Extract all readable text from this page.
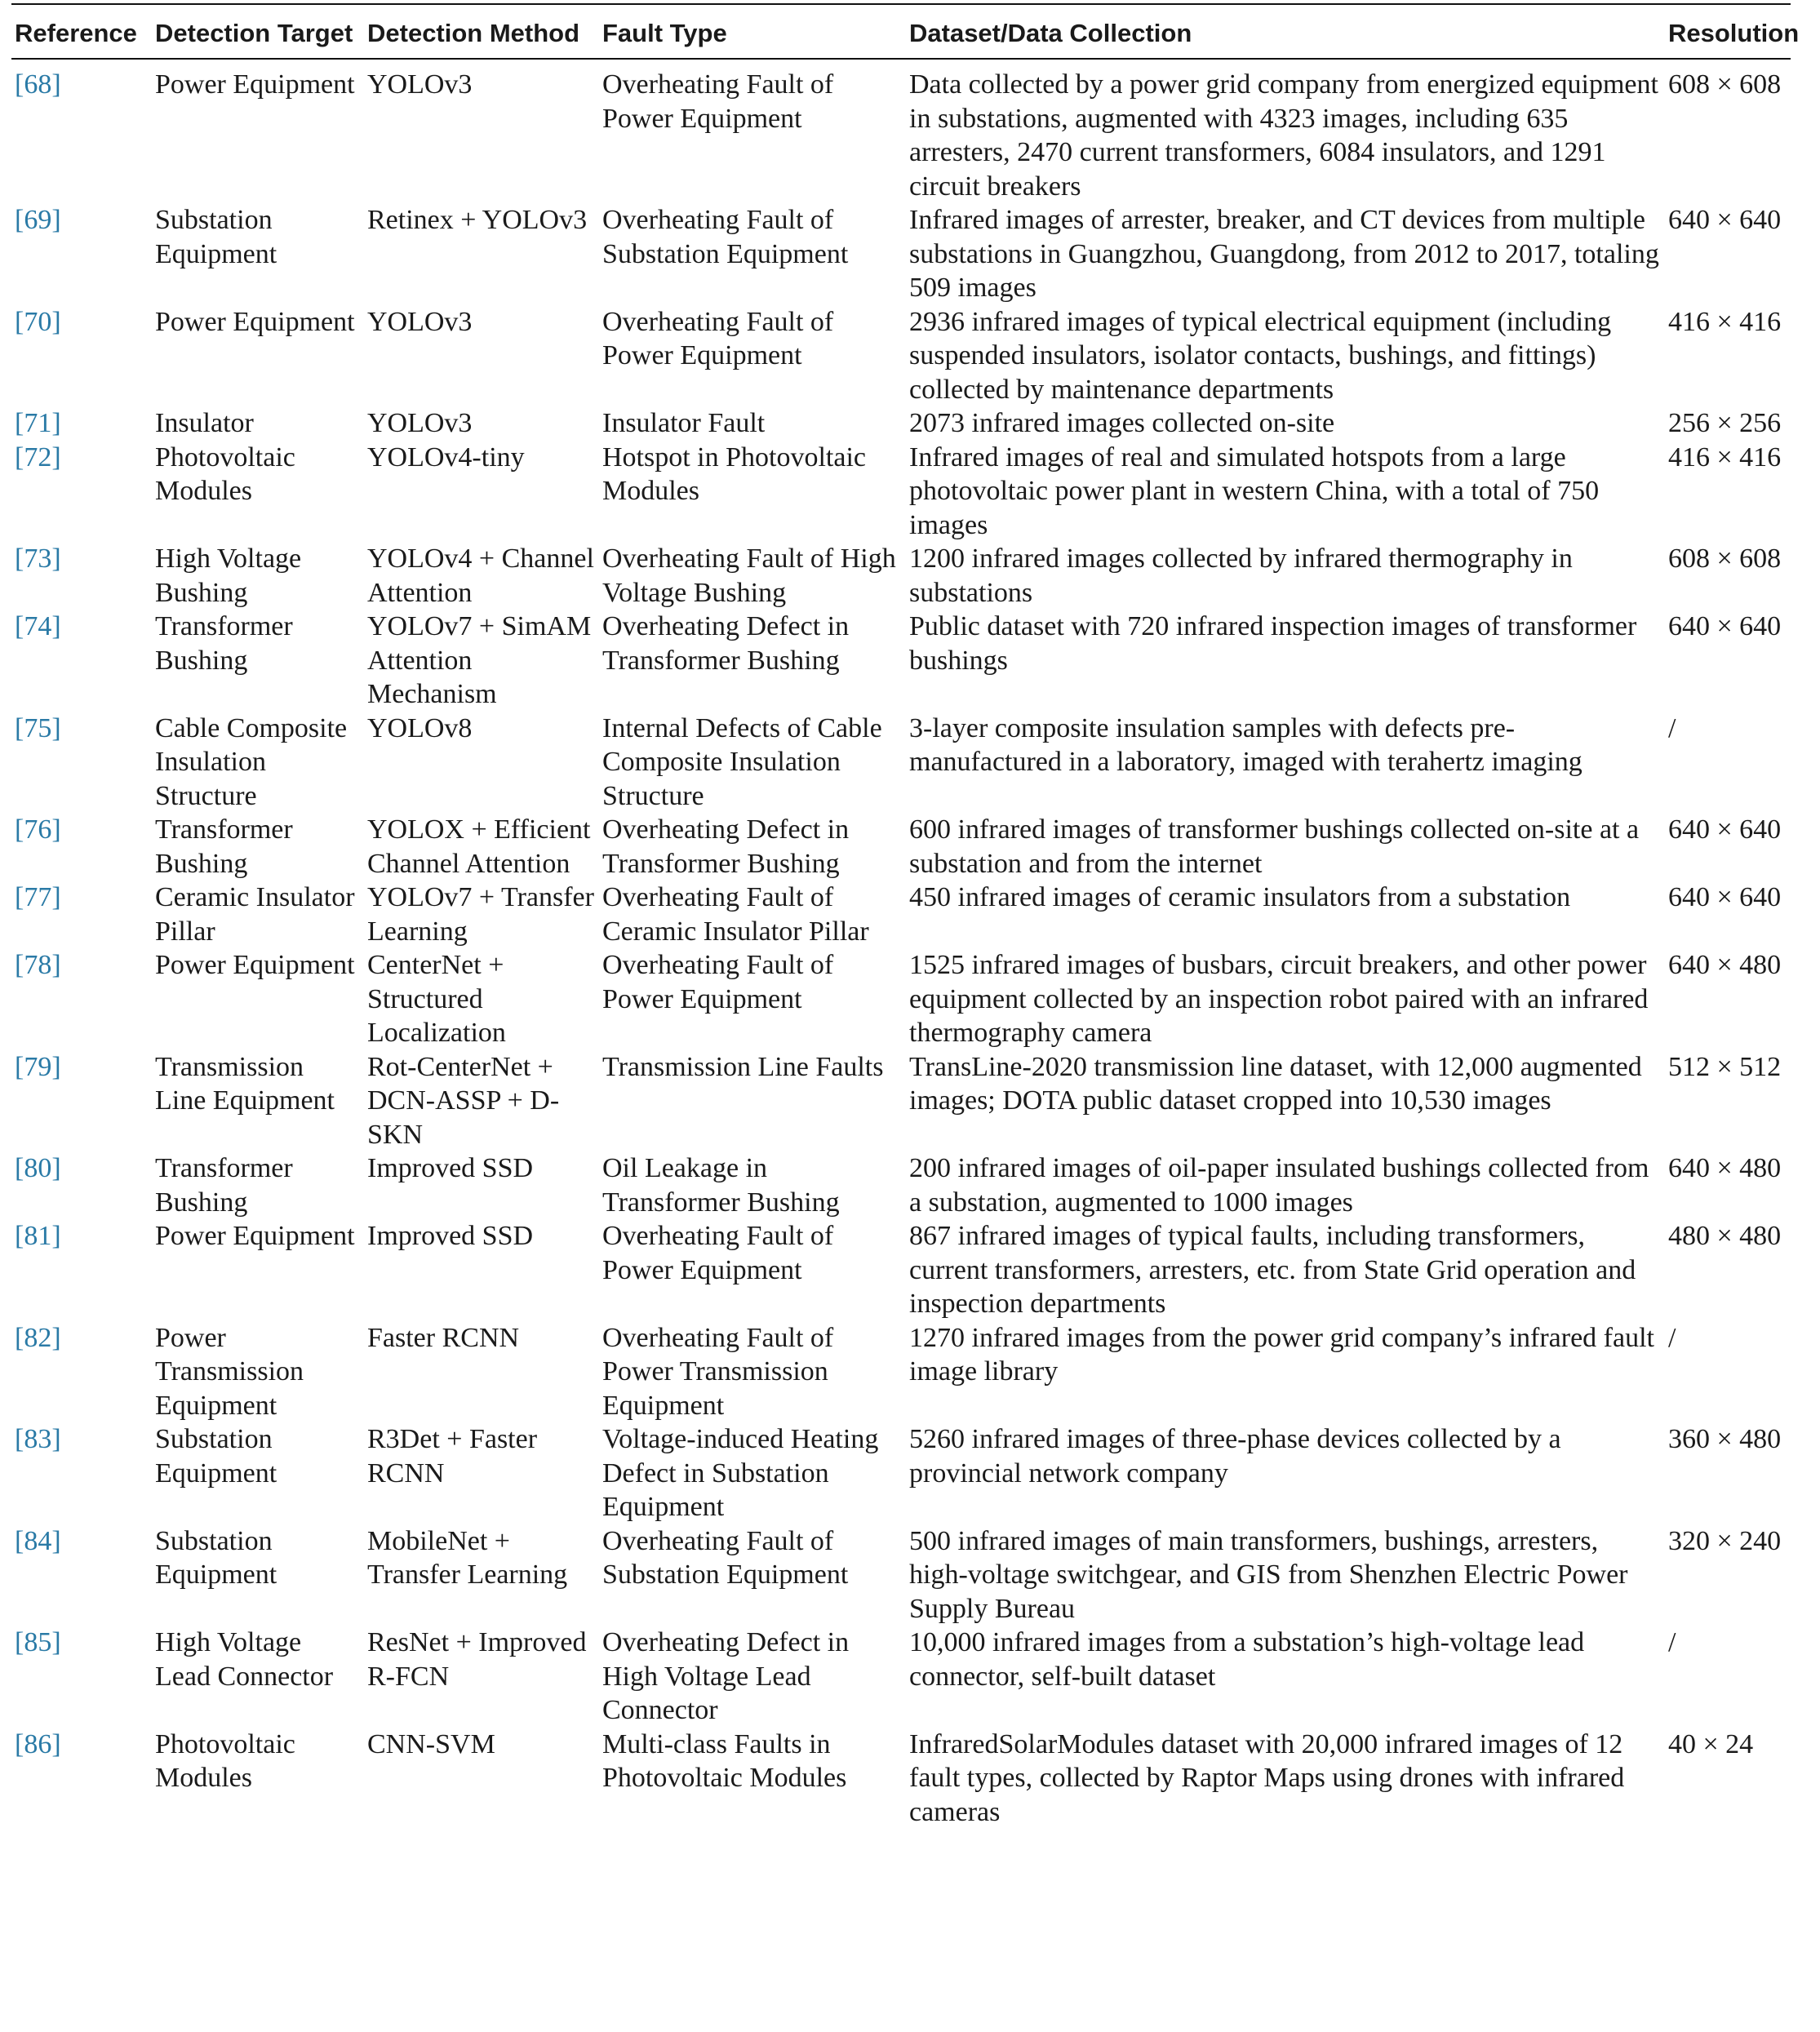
Reference	Detection Target	Detection Method	Fault Type	Dataset/Data Collection	Resolution
[68]	Power Equipment	YOLOv3	Overheating Fault of Power Equipment	Data collected by a power grid company from energized equipment in substations, augmented with 4323 images, including 635 arresters, 2470 current transformers, 6084 insulators, and 1291 circuit breakers	608 × 608
[69]	Substation Equipment	Retinex + YOLOv3	Overheating Fault of Substation Equipment	Infrared images of arrester, breaker, and CT devices from multiple substations in Guangzhou, Guangdong, from 2012 to 2017, totaling 509 images	640 × 640
[70]	Power Equipment	YOLOv3	Overheating Fault of Power Equipment	2936 infrared images of typical electrical equipment (including suspended insulators, isolator contacts, bushings, and fittings) collected by maintenance departments	416 × 416
[71]	Insulator	YOLOv3	Insulator Fault	2073 infrared images collected on-site	256 × 256
[72]	Photovoltaic Modules	YOLOv4-tiny	Hotspot in Photovoltaic Modules	Infrared images of real and simulated hotspots from a large photovoltaic power plant in western China, with a total of 750 images	416 × 416
[73]	High Voltage Bushing	YOLOv4 + Channel Attention	Overheating Fault of High Voltage Bushing	1200 infrared images collected by infrared thermography in substations	608 × 608
[74]	Transformer Bushing	YOLOv7 + SimAM Attention Mechanism	Overheating Defect in Transformer Bushing	Public dataset with 720 infrared inspection images of transformer bushings	640 × 640
[75]	Cable Composite Insulation Structure	YOLOv8	Internal Defects of Cable Composite Insulation Structure	3-layer composite insulation samples with defects pre-manufactured in a laboratory, imaged with terahertz imaging	/
[76]	Transformer Bushing	YOLOX + Efficient Channel Attention	Overheating Defect in Transformer Bushing	600 infrared images of transformer bushings collected on-site at a substation and from the internet	640 × 640
[77]	Ceramic Insulator Pillar	YOLOv7 + Transfer Learning	Overheating Fault of Ceramic Insulator Pillar	450 infrared images of ceramic insulators from a substation	640 × 640
[78]	Power Equipment	CenterNet + Structured Localization	Overheating Fault of Power Equipment	1525 infrared images of busbars, circuit breakers, and other power equipment collected by an inspection robot paired with an infrared thermography camera	640 × 480
[79]	Transmission Line Equipment	Rot-CenterNet + DCN-ASSP + D-SKN	Transmission Line Faults	TransLine-2020 transmission line dataset, with 12,000 augmented images; DOTA public dataset cropped into 10,530 images	512 × 512
[80]	Transformer Bushing	Improved SSD	Oil Leakage in Transformer Bushing	200 infrared images of oil-paper insulated bushings collected from a substation, augmented to 1000 images	640 × 480
[81]	Power Equipment	Improved SSD	Overheating Fault of Power Equipment	867 infrared images of typical faults, including transformers, current transformers, arresters, etc. from State Grid operation and inspection departments	480 × 480
[82]	Power Transmission Equipment	Faster RCNN	Overheating Fault of Power Transmission Equipment	1270 infrared images from the power grid company’s infrared fault image library	/
[83]	Substation Equipment	R3Det + Faster RCNN	Voltage-induced Heating Defect in Substation Equipment	5260 infrared images of three-phase devices collected by a provincial network company	360 × 480
[84]	Substation Equipment	MobileNet + Transfer Learning	Overheating Fault of Substation Equipment	500 infrared images of main transformers, bushings, arresters, high-voltage switchgear, and GIS from Shenzhen Electric Power Supply Bureau	320 × 240
[85]	High Voltage Lead Connector	ResNet + Improved R-FCN	Overheating Defect in High Voltage Lead Connector	10,000 infrared images from a substation’s high-voltage lead connector, self-built dataset	/
[86]	Photovoltaic Modules	CNN-SVM	Multi-class Faults in Photovoltaic Modules	InfraredSolarModules dataset with 20,000 infrared images of 12 fault types, collected by Raptor Maps using drones with infrared cameras	40 × 24
